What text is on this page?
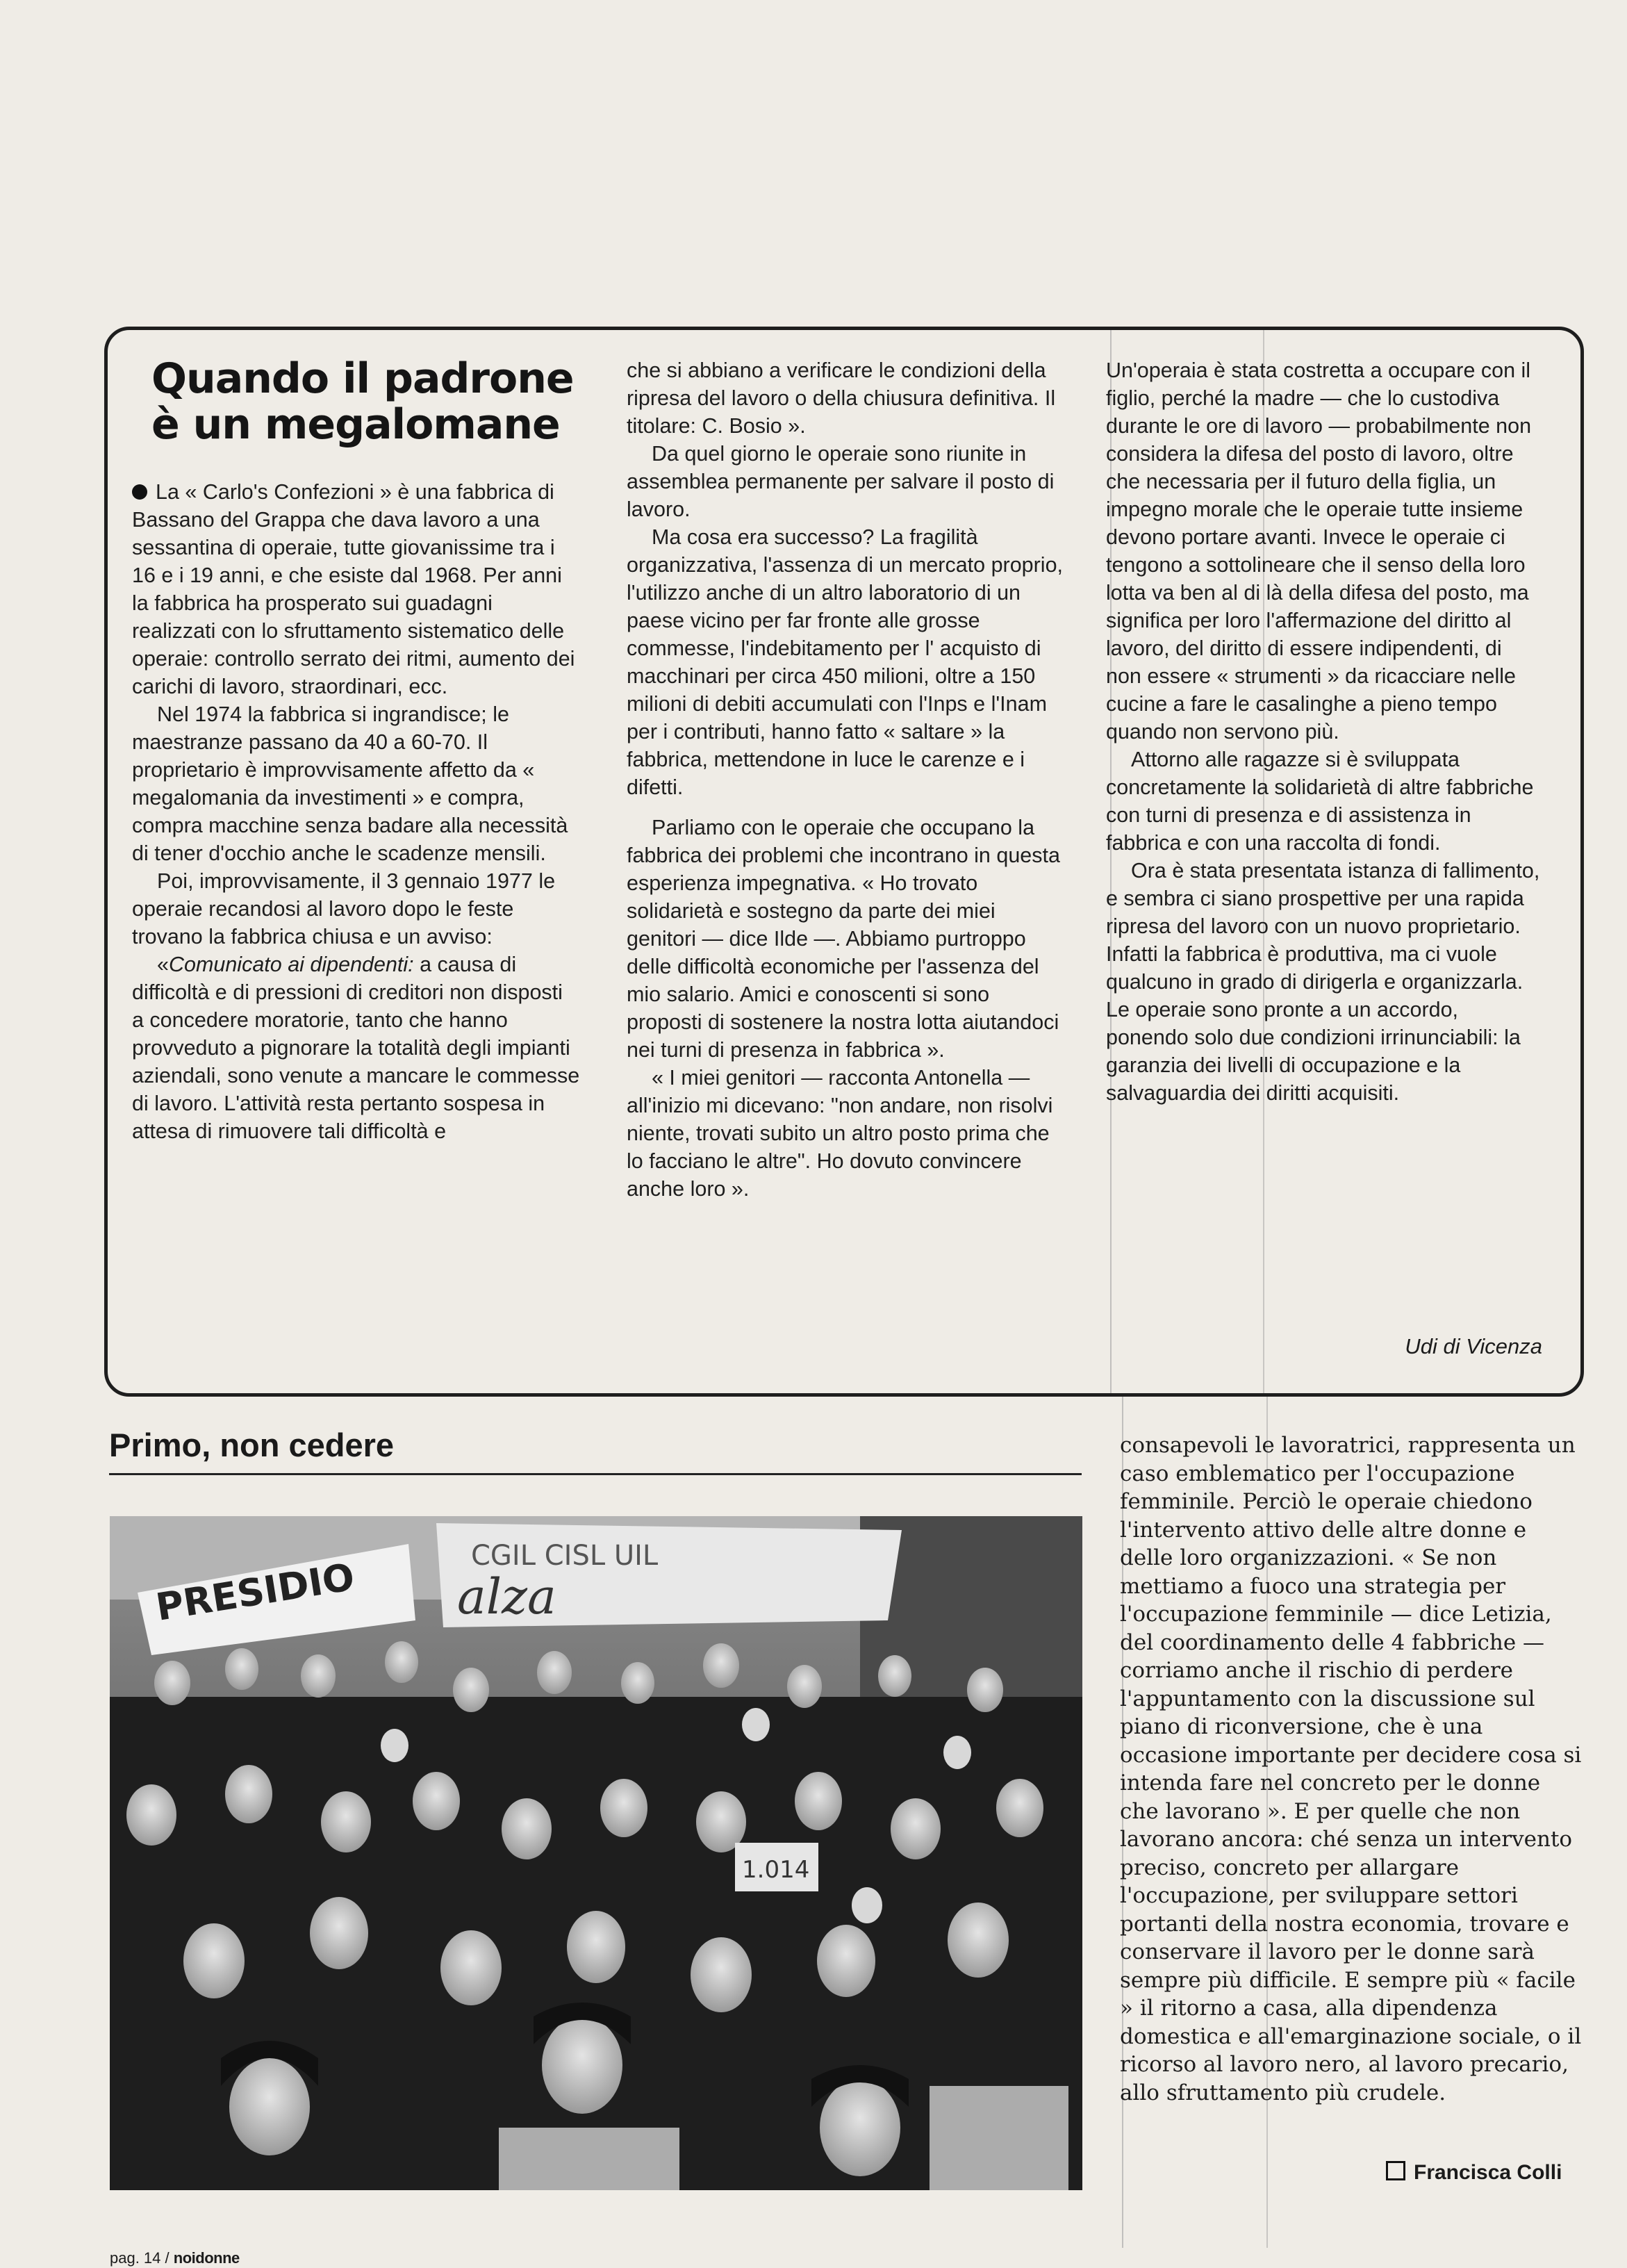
Quando il padrone è un megalomane

La « Carlo's Confezioni » è una fabbrica di Bassano del Grappa che dava lavoro a una sessantina di operaie, tutte giovanissime tra i 16 e i 19 anni, e che esiste dal 1968. Per anni la fabbrica ha prosperato sui guadagni realizzati con lo sfruttamento sistematico delle operaie: controllo serrato dei ritmi, aumento dei carichi di lavoro, straordinari, ecc.

Nel 1974 la fabbrica si ingrandisce; le maestranze passano da 40 a 60-70. Il proprietario è improvvisamente affetto da « megalomania da investimenti » e compra, compra macchine senza badare alla necessità di tener d'occhio anche le scadenze mensili.

Poi, improvvisamente, il 3 gennaio 1977 le operaie recandosi al lavoro dopo le feste trovano la fabbrica chiusa e un avviso:

«Comunicato ai dipendenti: a causa di difficoltà e di pressioni di creditori non disposti a concedere moratorie, tanto che hanno provveduto a pignorare la totalità degli impianti aziendali, sono venute a mancare le commesse di lavoro. L'attività resta pertanto sospesa in attesa di rimuovere tali difficoltà e

che si abbiano a verificare le condizioni della ripresa del lavoro o della chiusura definitiva. Il titolare: C. Bosio ».

Da quel giorno le operaie sono riunite in assemblea permanente per salvare il posto di lavoro.

Ma cosa era successo? La fragilità organizzativa, l'assenza di un mercato proprio, l'utilizzo anche di un altro laboratorio di un paese vicino per far fronte alle grosse commesse, l'indebitamento per l' acquisto di macchinari per circa 450 milioni, oltre a 150 milioni di debiti accumulati con l'Inps e l'Inam per i contributi, hanno fatto « saltare » la fabbrica, mettendone in luce le carenze e i difetti.

Parliamo con le operaie che occupano la fabbrica dei problemi che incontrano in questa esperienza impegnativa. « Ho trovato solidarietà e sostegno da parte dei miei genitori — dice Ilde —. Abbiamo purtroppo delle difficoltà economiche per l'assenza del mio salario. Amici e conoscenti si sono proposti di sostenere la nostra lotta aiutandoci nei turni di presenza in fabbrica ».

« I miei genitori — racconta Antonella — all'inizio mi dicevano: "non andare, non risolvi niente, trovati subito un altro posto prima che lo facciano le altre". Ho dovuto convincere anche loro ».

Un'operaia è stata costretta a occupare con il figlio, perché la madre — che lo custodiva durante le ore di lavoro — probabilmente non considera la difesa del posto di lavoro, oltre che necessaria per il futuro della figlia, un impegno morale che le operaie tutte insieme devono portare avanti. Invece le operaie ci tengono a sottolineare che il senso della loro lotta va ben al di là della difesa del posto, ma significa per loro l'affermazione del diritto al lavoro, del diritto di essere indipendenti, di non essere « strumenti » da ricacciare nelle cucine a fare le casalinghe a pieno tempo quando non servono più.

Attorno alle ragazze si è sviluppata concretamente la solidarietà di altre fabbriche con turni di presenza e di assistenza in fabbrica e con una raccolta di fondi.

Ora è stata presentata istanza di fallimento, e sembra ci siano prospettive per una rapida ripresa del lavoro con un nuovo proprietario. Infatti la fabbrica è produttiva, ma ci vuole qualcuno in grado di dirigerla e organizzarla. Le operaie sono pronte a un accordo, ponendo solo due condizioni irrinunciabili: la garanzia dei livelli di occupazione e la salvaguardia dei diritti acquisiti.

Udi di Vicenza
Primo, non cedere
PRESIDIO	CGIL CISL UIL
alza
1.014
consapevoli le lavoratrici, rappresenta un caso emblematico per l'occupazione femminile. Perciò le operaie chiedono l'intervento attivo delle altre donne e delle loro organizzazioni. « Se non mettiamo a fuoco una strategia per l'occupazione femminile — dice Letizia, del coordinamento delle 4 fabbriche — corriamo anche il rischio di perdere l'appuntamento con la discussione sul piano di riconversione, che è una occasione importante per decidere cosa si intenda fare nel concreto per le donne che lavorano ». E per quelle che non lavorano ancora: ché senza un intervento preciso, concreto per allargare l'occupazione, per sviluppare settori portanti della nostra economia, trovare e conservare il lavoro per le donne sarà sempre più difficile. E sempre più « facile » il ritorno a casa, alla dipendenza domestica e all'emarginazione sociale, o il ricorso al lavoro nero, al lavoro precario, allo sfruttamento più crudele.
Francisca Colli
pag. 14 / noidonne
